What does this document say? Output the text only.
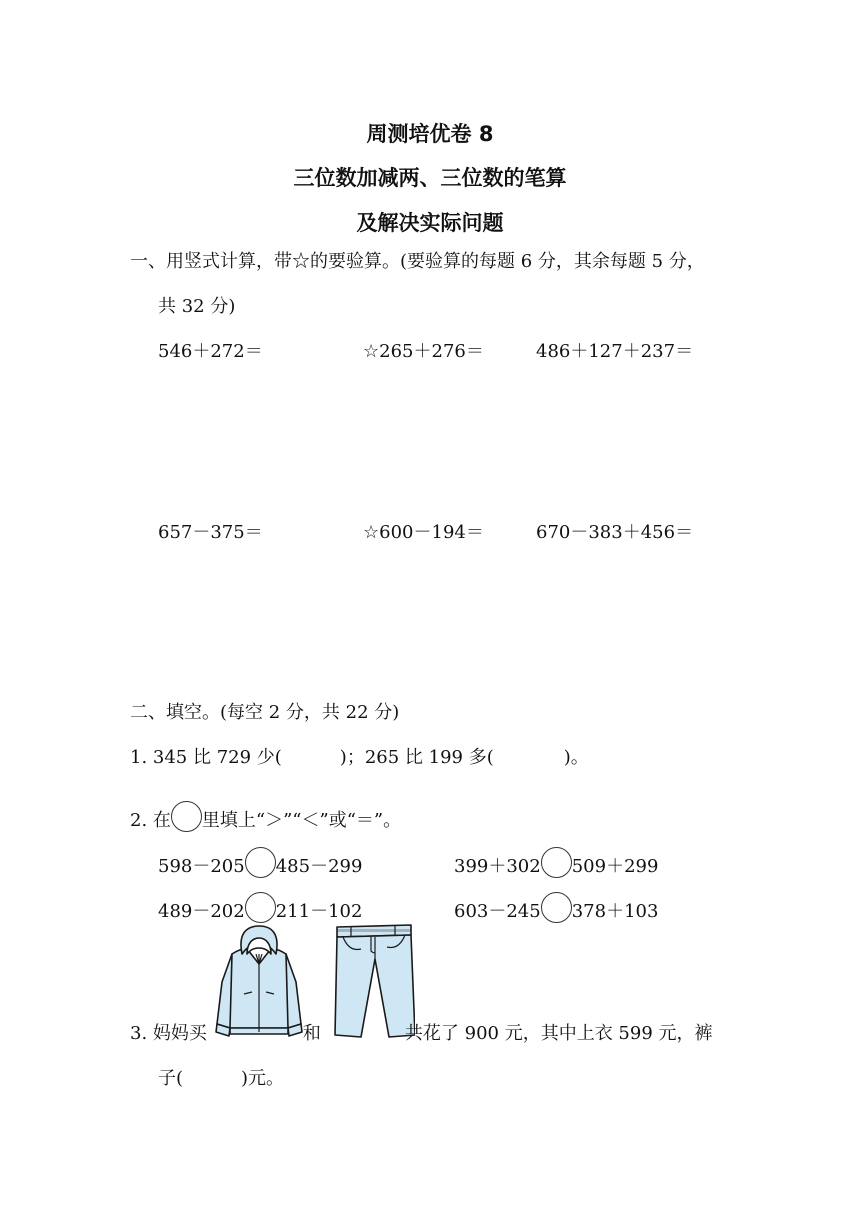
周测培优卷 8
三位数加减两、三位数的笔算
及解决实际问题
一、用竖式计算，带☆的要验算。(要验算的每题 6 分，其余每题 5 分，
共 32 分)
546＋272＝	☆265＋276＝	486＋127＋237＝
657－375＝	☆600－194＝	670－383＋456＝
二、填空。(每空 2 分，共 22 分)
1. 345 比 729 少(	)；265 比 199 多(	)。
2. 在 里填上“＞”“＜”或“＝”。
598－205 485－299	399＋302 509＋299
489－202 211－102	603－245 378＋103
3. 妈妈买	和	共花了 900 元，其中上衣 599 元，裤
子(	)元。
